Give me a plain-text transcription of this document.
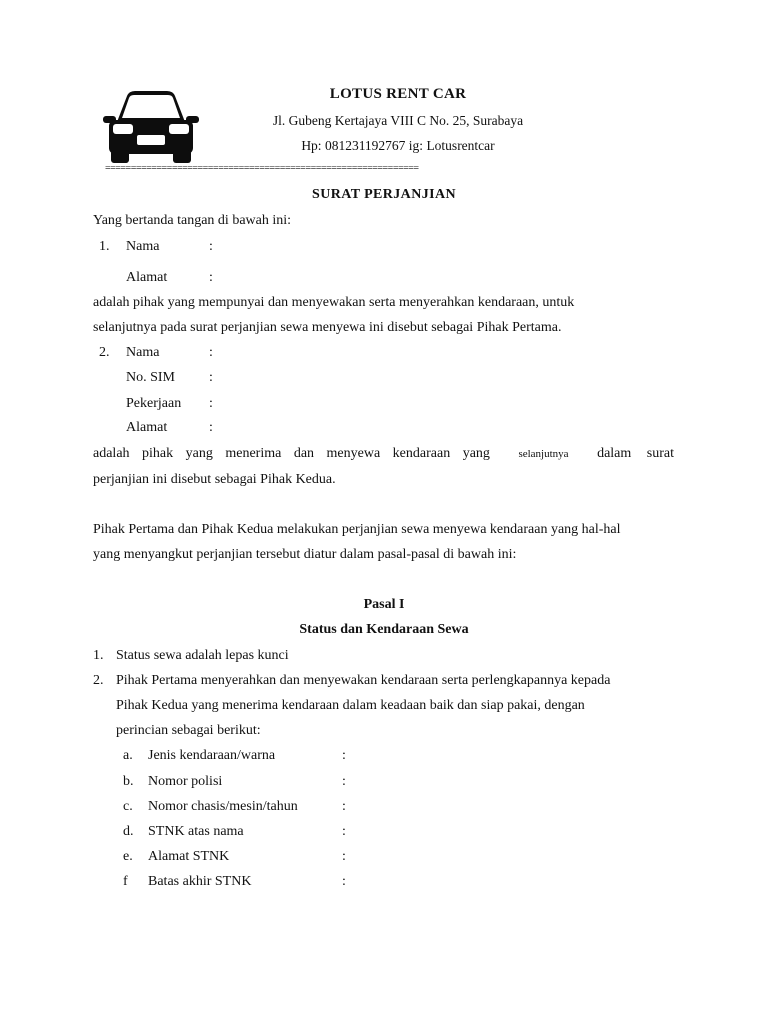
LOTUS RENT CAR
Jl. Gubeng Kertajaya VIII C No. 25, Surabaya
Hp: 081231192767 ig: Lotusrentcar
=============================================================
SURAT PERJANJIAN
Yang bertanda tangan di bawah ini:
1. Nama	:
Alamat	:
adalah pihak yang mempunyai dan menyewakan serta menyerahkan kendaraan, untuk
selanjutnya pada surat perjanjian sewa menyewa ini disebut sebagai Pihak Pertama.
2. Nama	:
No. SIM :
Pekerjaan :
Alamat	:
adalah pihak yang menerima dan menyewa kendaraan yang	selanjutnya dalam surat
perjanjian ini disebut sebagai Pihak Kedua.
Pihak Pertama dan Pihak Kedua melakukan perjanjian sewa menyewa kendaraan yang hal-hal
yang menyangkut perjanjian tersebut diatur dalam pasal-pasal di bawah ini:
Pasal I
Status dan Kendaraan Sewa
1. Status sewa adalah lepas kunci
2. Pihak Pertama menyerahkan dan menyewakan kendaraan serta perlengkapannya kepada
Pihak Kedua yang menerima kendaraan dalam keadaan baik dan siap pakai, dengan
perincian sebagai berikut:
a. Jenis kendaraan/warna	:
b. Nomor polisi	:
c. Nomor chasis/mesin/tahun	:
d. STNK atas nama	:
e. Alamat STNK	:
f Batas akhir STNK	:
